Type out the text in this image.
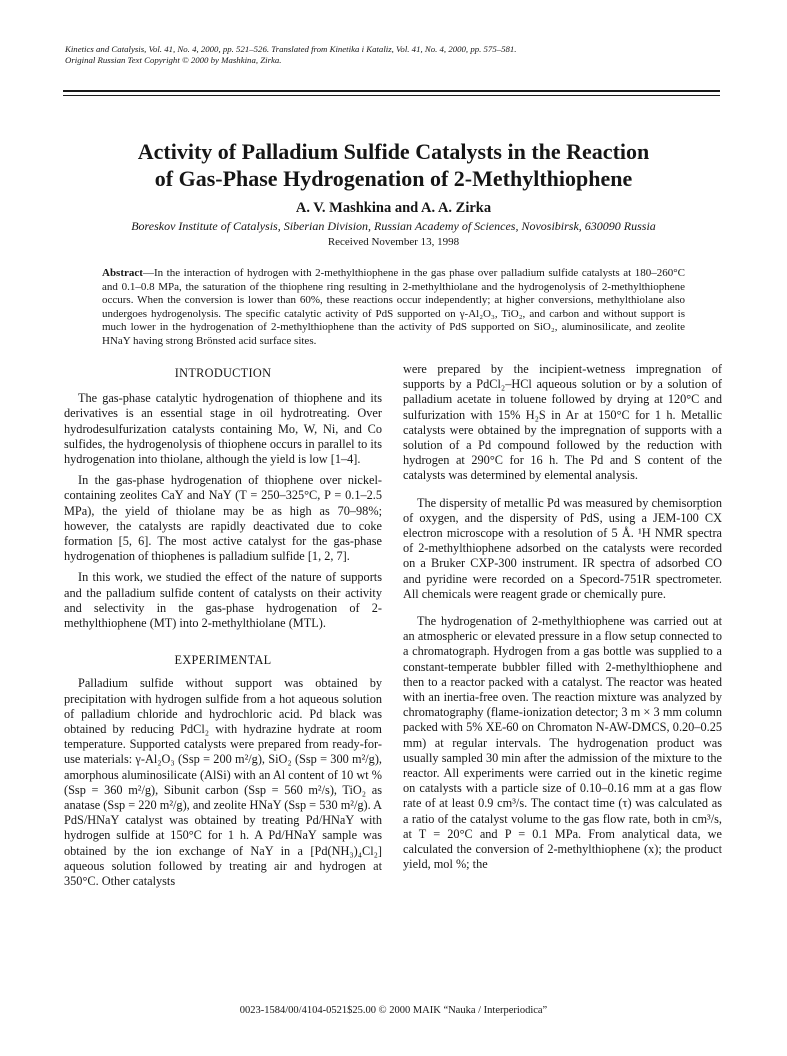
Kinetics and Catalysis, Vol. 41, No. 4, 2000, pp. 521–526. Translated from Kinetika i Kataliz, Vol. 41, No. 4, 2000, pp. 575–581.
Original Russian Text Copyright © 2000 by Mashkina, Zirka.
Activity of Palladium Sulfide Catalysts in the Reaction
of Gas-Phase Hydrogenation of 2-Methylthiophene
A. V. Mashkina and A. A. Zirka
Boreskov Institute of Catalysis, Siberian Division, Russian Academy of Sciences, Novosibirsk, 630090 Russia
Received November 13, 1998
Abstract—In the interaction of hydrogen with 2-methylthiophene in the gas phase over palladium sulfide catalysts at 180–260°C and 0.1–0.8 MPa, the saturation of the thiophene ring resulting in 2-methylthiolane and the hydrogenolysis of 2-methylthiophene occurs. When the conversion is lower than 60%, these reactions occur independently; at higher conversions, methylthiolane also undergoes hydrogenolysis. The specific catalytic activity of PdS supported on γ-Al₂O₃, TiO₂, and carbon and without support is much lower in the hydrogenation of 2-methylthiophene than the activity of PdS supported on SiO₂, aluminosilicate, and zeolite HNaY having strong Brönsted acid surface sites.
INTRODUCTION

The gas-phase catalytic hydrogenation of thiophene and its derivatives is an essential stage in oil hydrotreating. Over hydrodesulfurization catalysts containing Mo, W, Ni, and Co sulfides, the hydrogenolysis of thiophene occurs in parallel to its hydrogenation into thiolane, although the yield is low [1–4].

In the gas-phase hydrogenation of thiophene over nickel-containing zeolites CaY and NaY (T = 250–325°C, P = 0.1–2.5 MPa), the yield of thiolane may be as high as 70–98%; however, the catalysts are rapidly deactivated due to coke formation [5, 6]. The most active catalyst for the gas-phase hydrogenation of thiophenes is palladium sulfide [1, 2, 7].

In this work, we studied the effect of the nature of supports and the palladium sulfide content of catalysts on their activity and selectivity in the gas-phase hydrogenation of 2-methylthiophene (MT) into 2-methylthiolane (MTL).

EXPERIMENTAL

Palladium sulfide without support was obtained by precipitation with hydrogen sulfide from a hot aqueous solution of palladium chloride and hydrochloric acid. Pd black was obtained by reducing PdCl₂ with hydrazine hydrate at room temperature. Supported catalysts were prepared from ready-for-use materials: γ-Al₂O₃ (Ssp = 200 m²/g), SiO₂ (Ssp = 300 m²/g), amorphous aluminosilicate (AlSi) with an Al content of 10 wt % (Ssp = 360 m²/g), Sibunit carbon (Ssp = 560 m²/s), TiO₂ as anatase (Ssp = 220 m²/g), and zeolite HNaY (Ssp = 530 m²/g). A PdS/HNaY catalyst was obtained by treating Pd/HNaY with hydrogen sulfide at 150°C for 1 h. A Pd/HNaY sample was obtained by the ion exchange of NaY in a [Pd(NH₃)₄Cl₂] aqueous solution followed by treating air and hydrogen at 350°C. Other catalysts

were prepared by the incipient-wetness impregnation of supports by a PdCl₂–HCl aqueous solution or by a solution of palladium acetate in toluene followed by drying at 120°C and sulfurization with 15% H₂S in Ar at 150°C for 1 h. Metallic catalysts were obtained by the impregnation of supports with a solution of a Pd compound followed by the reduction with hydrogen at 290°C for 16 h. The Pd and S content of the catalysts was determined by elemental analysis.

The dispersity of metallic Pd was measured by chemisorption of oxygen, and the dispersity of PdS, using a JEM-100 CX electron microscope with a resolution of 5 Å. ¹H NMR spectra of 2-methylthiophene adsorbed on the catalysts were recorded on a Bruker CXP-300 instrument. IR spectra of adsorbed CO and pyridine were recorded on a Specord-751R spectrometer. All chemicals were reagent grade or chemically pure.

The hydrogenation of 2-methylthiophene was carried out at an atmospheric or elevated pressure in a flow setup connected to a chromatograph. Hydrogen from a gas bottle was supplied to a constant-temperate bubbler filled with 2-methylthiophene and then to a reactor packed with a catalyst. The reactor was heated with an inertia-free oven. The reaction mixture was analyzed by chromatography (flame-ionization detector; 3 m × 3 mm column packed with 5% XE-60 on Chromaton N-AW-DMCS, 0.20–0.25 mm) at regular intervals. The hydrogenation product was usually sampled 30 min after the admission of the mixture to the reactor. All experiments were carried out in the kinetic regime on catalysts with a particle size of 0.10–0.16 mm at a gas flow rate of at least 0.9 cm³/s. The contact time (τ) was calculated as a ratio of the catalyst volume to the gas flow rate, both in cm³/s, at T = 20°C and P = 0.1 MPa. From analytical data, we calculated the conversion of 2-methylthiophene (x); the product yield, mol %; the

0023-1584/00/4104-0521$25.00 © 2000 MAIK “Nauka / Interperiodica”
